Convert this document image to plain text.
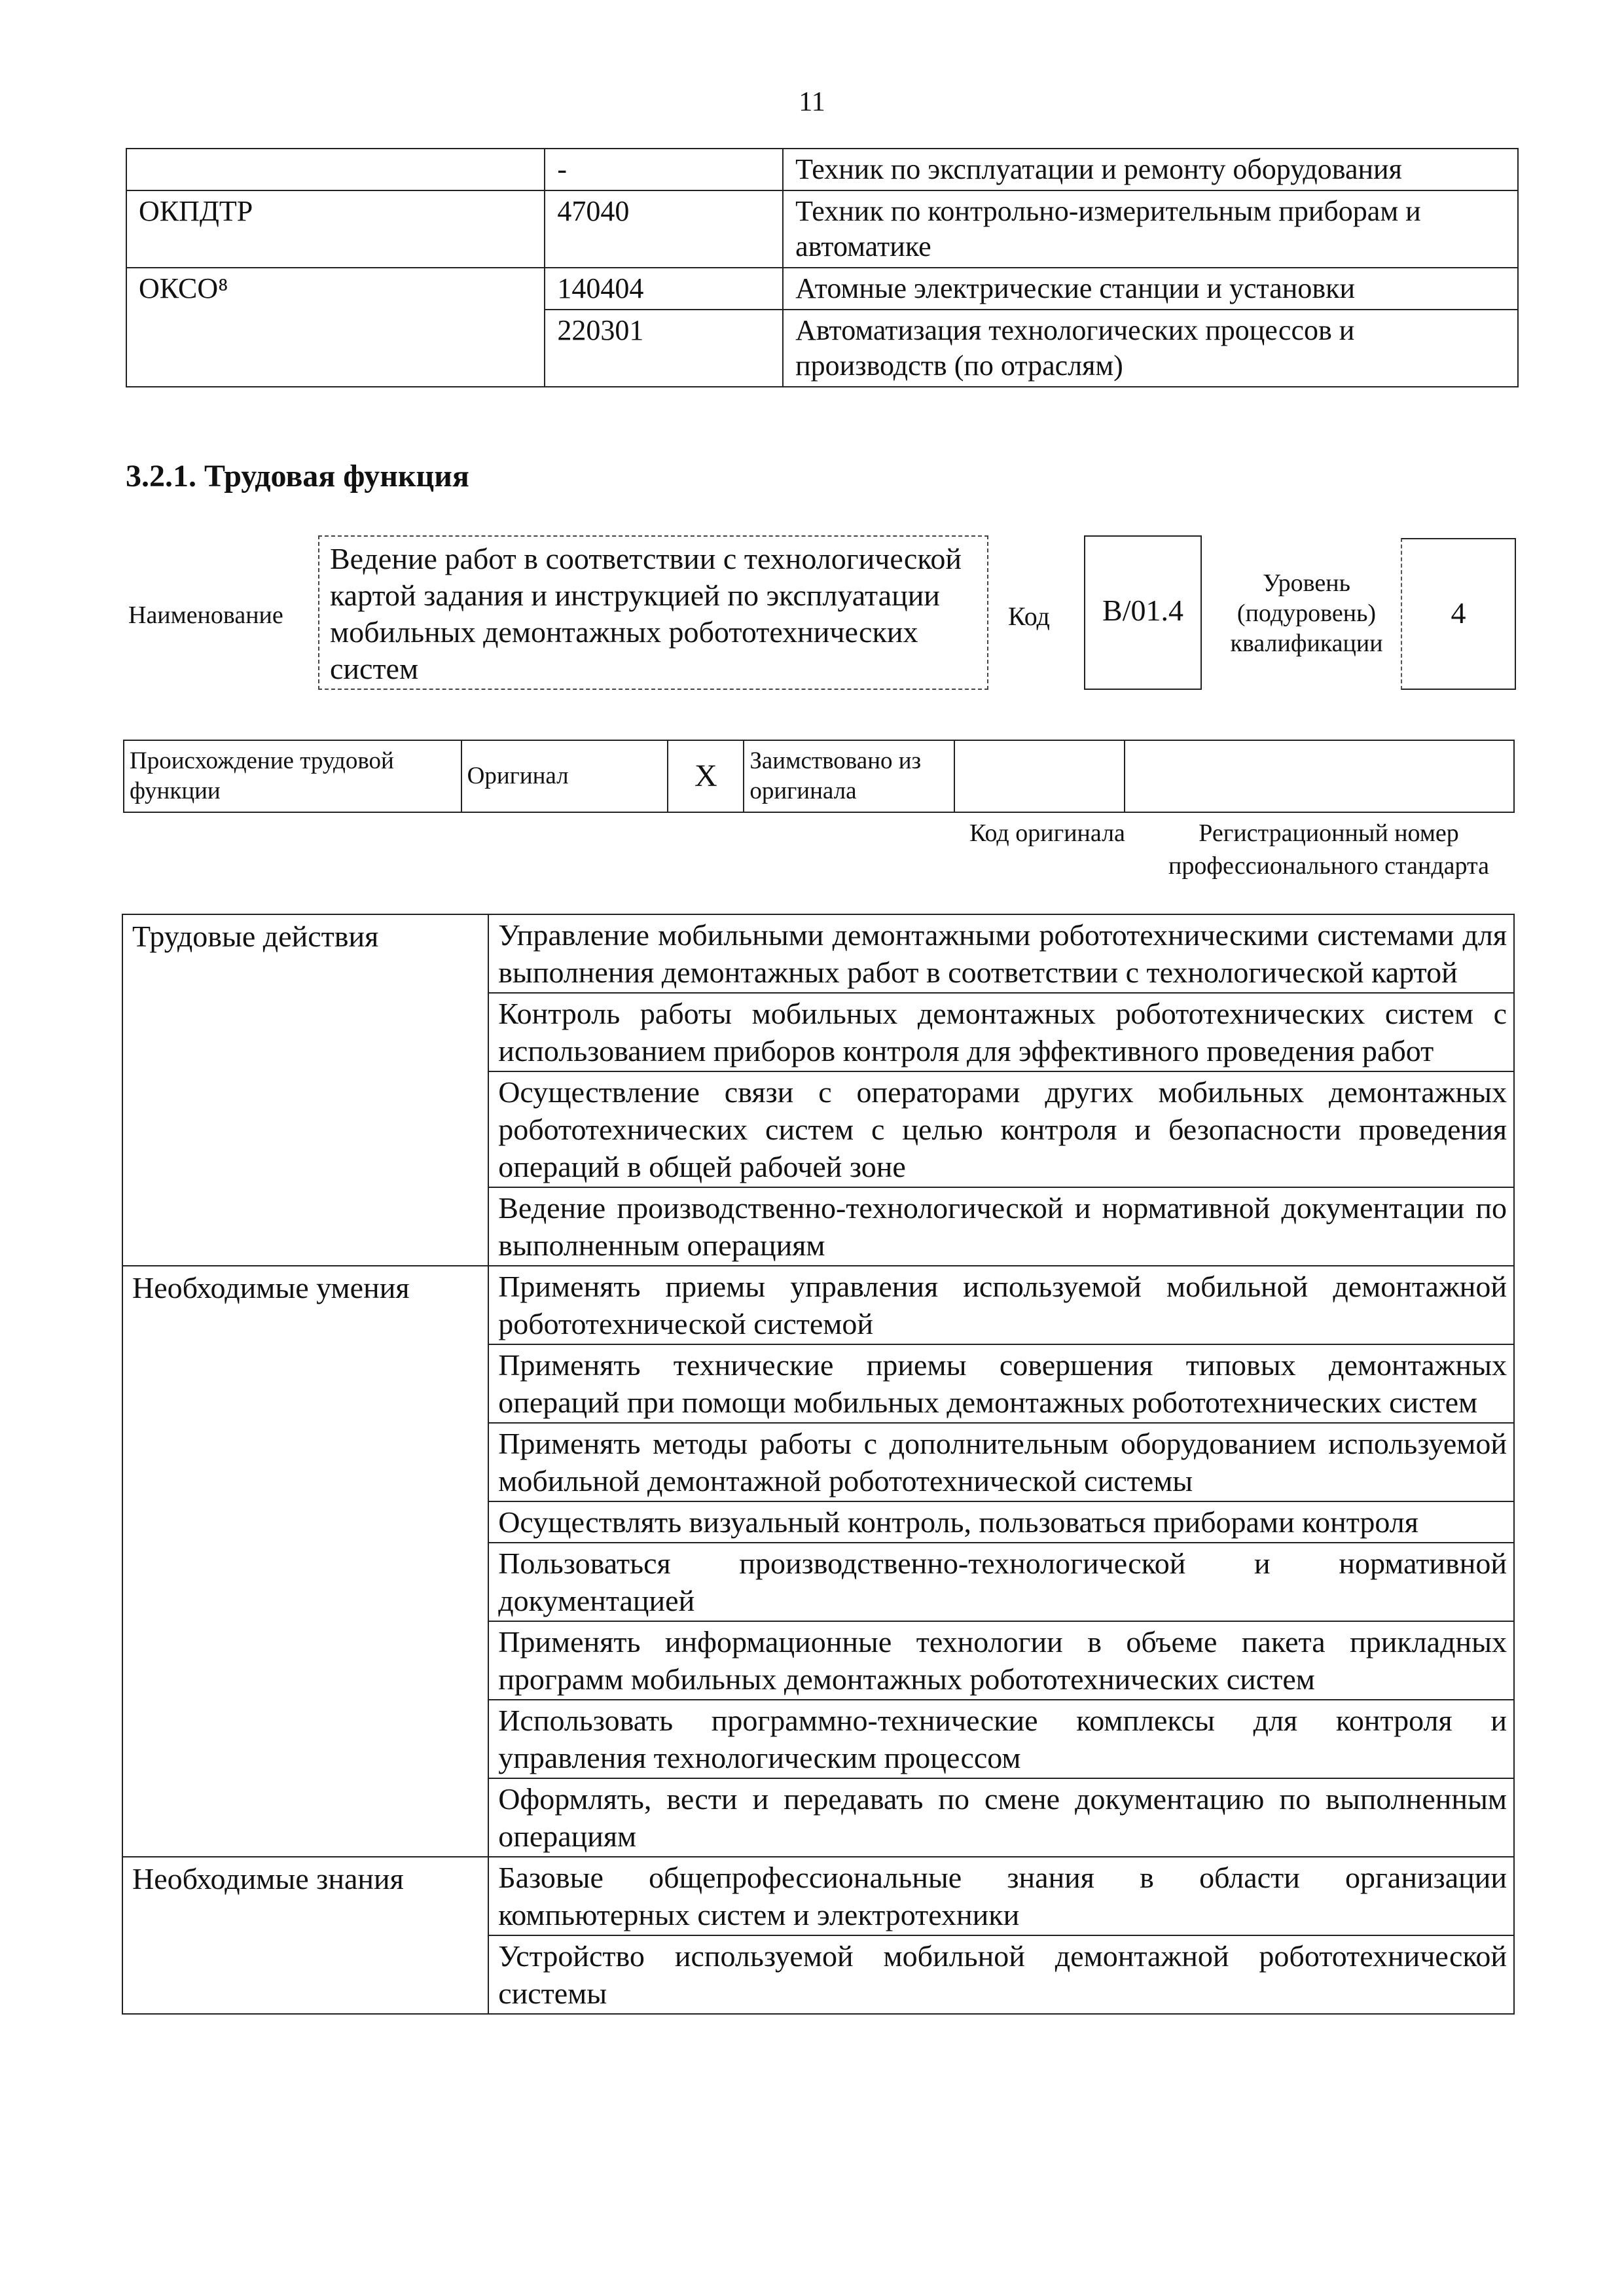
11
	-	Техник по эксплуатации и ремонту оборудования
ОКПДТР	47040	Техник по контрольно-измерительным приборам и автоматике
ОКСО⁸	140404	Атомные электрические станции и установки
	220301	Автоматизация технологических процессов и производств (по отраслям)
3.2.1. Трудовая функция
Наименование
Ведение работ в соответствии с технологической картой задания и инструкцией по эксплуатации мобильных демонтажных робототехнических систем
Код	В/01.4
Уровень (подуровень) квалификации
4
Происхождение трудовой функции	Оригинал	X	Заимствовано из оригинала		
Код оригинала	Регистрационный номер профессионального стандарта
Трудовые действия	Управление мобильными демонтажными робототехническими системами для выполнения демонтажных работ в соответствии с технологической картой
	Контроль работы мобильных демонтажных робототехнических систем с использованием приборов контроля для эффективного проведения работ
	Осуществление связи с операторами других мобильных демонтажных робототехнических систем с целью контроля и безопасности проведения операций в общей рабочей зоне
	Ведение производственно-технологической и нормативной документации по выполненным операциям
Необходимые умения	Применять приемы управления используемой мобильной демонтажной робототехнической системой
	Применять технические приемы совершения типовых демонтажных операций при помощи мобильных демонтажных робототехнических систем
	Применять методы работы с дополнительным оборудованием используемой мобильной демонтажной робототехнической системы
	Осуществлять визуальный контроль, пользоваться приборами контроля
	Пользоваться производственно-технологической и нормативной документацией
	Применять информационные технологии в объеме пакета прикладных программ мобильных демонтажных робототехнических систем
	Использовать программно-технические комплексы для контроля и управления технологическим процессом
	Оформлять, вести и передавать по смене документацию по выполненным операциям
Необходимые знания	Базовые общепрофессиональные знания в области организации компьютерных систем и электротехники
	Устройство используемой мобильной демонтажной робототехнической системы
